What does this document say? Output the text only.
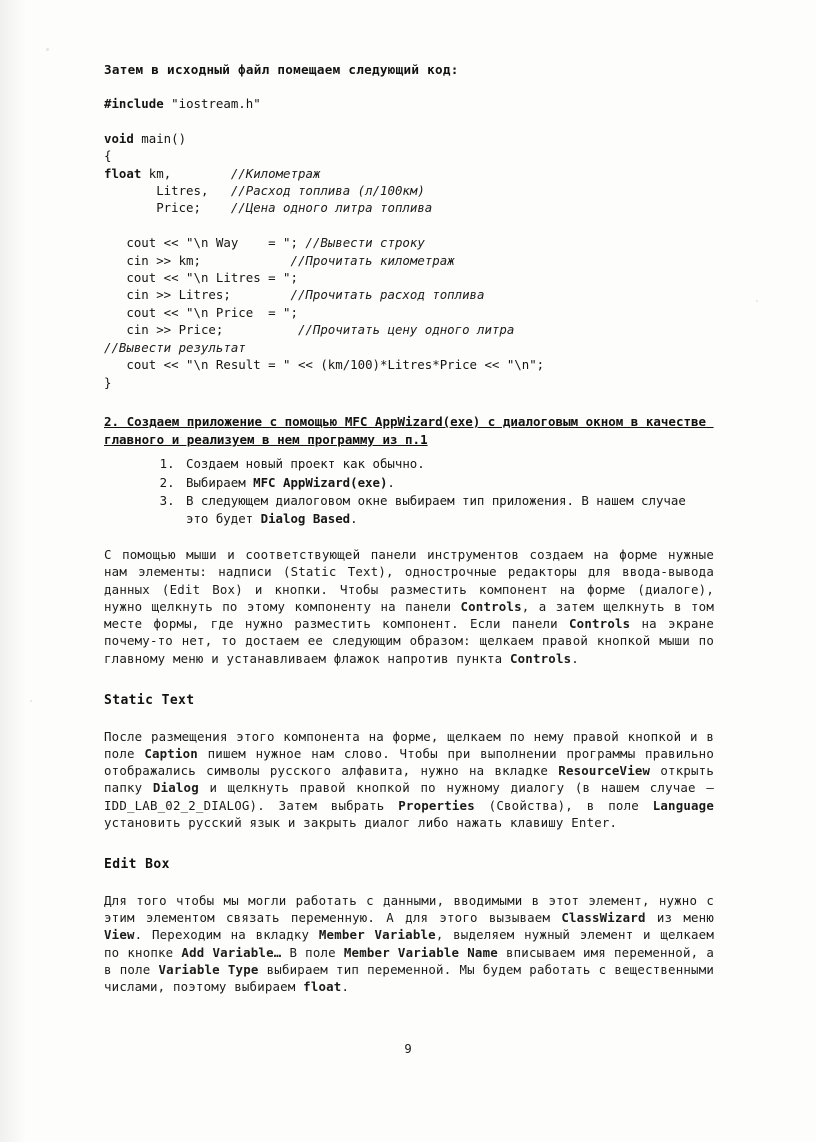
Затем в исходный файл помещаем следующий код:
#include "iostream.h"

void main()
{
float km,        //Километраж
Litres,   //Расход топлива (л/100км)
Price;    //Цена одного литра топлива

cout << "\n Way    = "; //Вывести строку
cin >> km;            //Прочитать километраж
cout << "\n Litres = ";
cin >> Litres;        //Прочитать расход топлива
cout << "\n Price  = ";
cin >> Price;          //Прочитать цену одного литра
//Вывести результат
cout << "\n Result = " << (km/100)*Litres*Price << "\n";
}
2. Создаем приложение с помощью MFC AppWizard(exe) с диалоговым окном в качестве главного и реализуем в нем программу из п.1
1. Создаем новый проект как обычно.
2. Выбираем MFC AppWizard(exe).
3. В следующем диалоговом окне выбираем тип приложения. В нашем случае это будет Dialog Based.

С помощью мыши и соответствующей панели инструментов создаем на форме нужные нам элементы: надписи (Static Text), однострочные редакторы для ввода-вывода данных (Edit Box) и кнопки. Чтобы разместить компонент на форме (диалоге), нужно щелкнуть по этому компоненту на панели Controls, а затем щелкнуть в том месте формы, где нужно разместить компонент. Если панели Controls на экране почему-то нет, то достаем ее следующим образом: щелкаем правой кнопкой мыши по главному меню и устанавливаем флажок напротив пункта Controls.

Static Text

После размещения этого компонента на форме, щелкаем по нему правой кнопкой и в поле Caption пишем нужное нам слово. Чтобы при выполнении программы правильно отображались символы русского алфавита, нужно на вкладке ResourceView открыть папку Dialog и щелкнуть правой кнопкой по нужному диалогу (в нашем случае – IDD_LAB_02_2_DIALOG). Затем выбрать Properties (Свойства), в поле Language установить русский язык и закрыть диалог либо нажать клавишу Enter.

Edit Box

Для того чтобы мы могли работать с данными, вводимыми в этот элемент, нужно с этим элементом связать переменную. А для этого вызываем ClassWizard из меню View. Переходим на вкладку Member Variable, выделяем нужный элемент и щелкаем по кнопке Add Variable… В поле Member Variable Name вписываем имя переменной, а в поле Variable Type выбираем тип переменной. Мы будем работать с вещественными числами, поэтому выбираем float.

9
